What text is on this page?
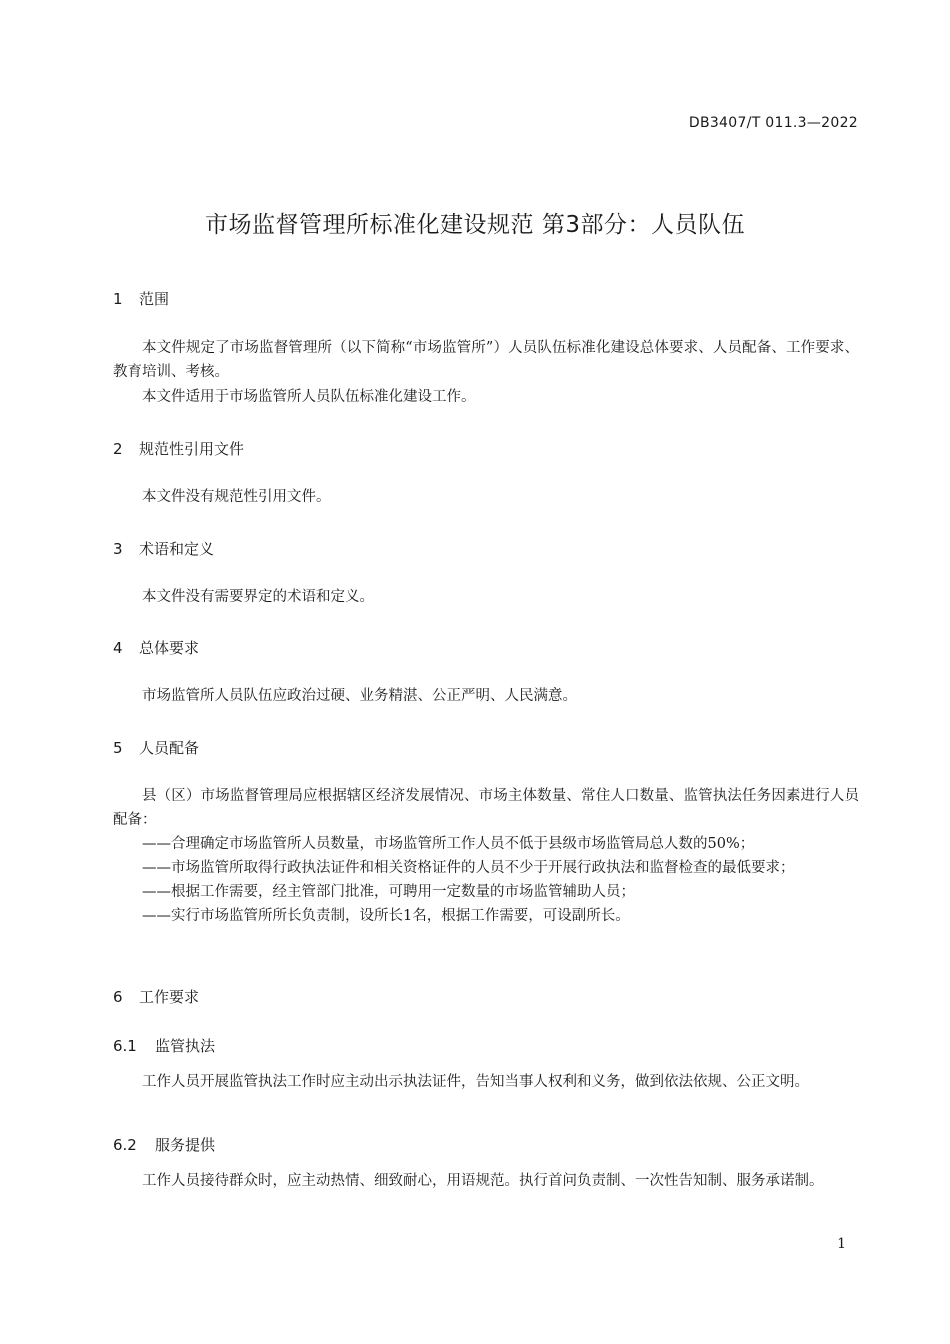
DB3407/T 011.3—2022
市场监督管理所标准化建设规范 第3部分：人员队伍
1 范围
本文件规定了市场监督管理所（以下简称“市场监管所”）人员队伍标准化建设总体要求、人员配备、工作要求、教育培训、考核。
本文件适用于市场监管所人员队伍标准化建设工作。
2 规范性引用文件
本文件没有规范性引用文件。
3 术语和定义
本文件没有需要界定的术语和定义。
4 总体要求
市场监管所人员队伍应政治过硬、业务精湛、公正严明、人民满意。
5 人员配备
县（区）市场监督管理局应根据辖区经济发展情况、市场主体数量、常住人口数量、监管执法任务因素进行人员配备：
——合理确定市场监管所人员数量，市场监管所工作人员不低于县级市场监管局总人数的50%；
——市场监管所取得行政执法证件和相关资格证件的人员不少于开展行政执法和监督检查的最低要求；
——根据工作需要，经主管部门批准，可聘用一定数量的市场监管辅助人员；
——实行市场监管所所长负责制，设所长1名，根据工作需要，可设副所长。
6 工作要求
6.1 监管执法
工作人员开展监管执法工作时应主动出示执法证件，告知当事人权利和义务，做到依法依规、公正文明。
6.2 服务提供
工作人员接待群众时，应主动热情、细致耐心，用语规范。执行首问负责制、一次性告知制、服务承诺制。
1
